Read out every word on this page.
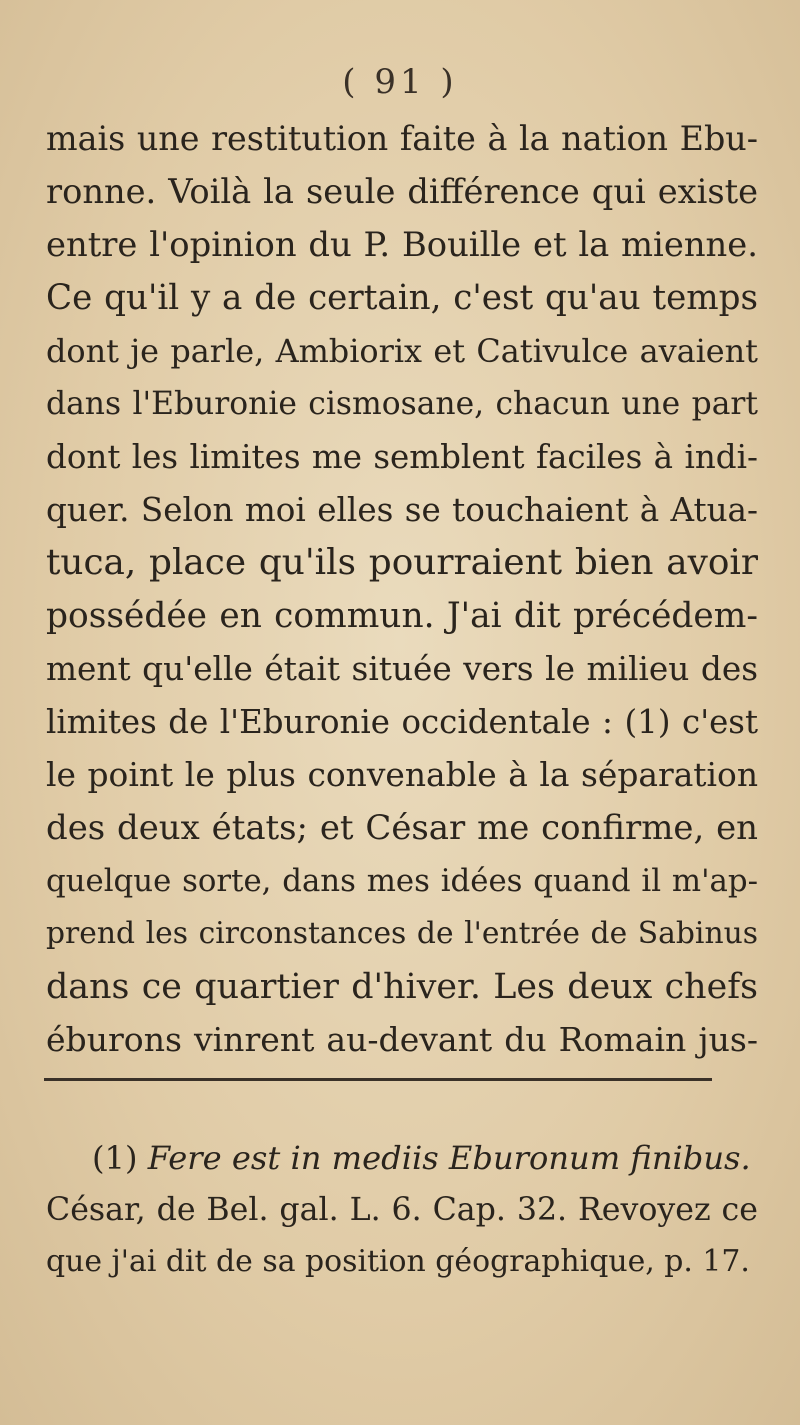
( 91 )
mais une restitution faite à la nation Ebu-
ronne. Voilà la seule différence qui existe
entre l'opinion du P. Bouille et la mienne.
Ce qu'il y a de certain, c'est qu'au temps
dont je parle, Ambiorix et Cativulce avaient
dans l'Eburonie cismosane, chacun une part
dont les limites me semblent faciles à indi-
quer. Selon moi elles se touchaient à Atua-
tuca, place qu'ils pourraient bien avoir
possédée en commun. J'ai dit précédem-
ment qu'elle était située vers le milieu des
limites de l'Eburonie occidentale : (1) c'est
le point le plus convenable à la séparation
des deux états; et César me confirme, en
quelque sorte, dans mes idées quand il m'ap-
prend les circonstances de l'entrée de Sabinus
dans ce quartier d'hiver. Les deux chefs
éburons vinrent au-devant du Romain jus-
(1) Fere est in mediis Eburonum finibus.
César, de Bel. gal. L. 6. Cap. 32. Revoyez ce
que j'ai dit de sa position géographique, p. 17.
